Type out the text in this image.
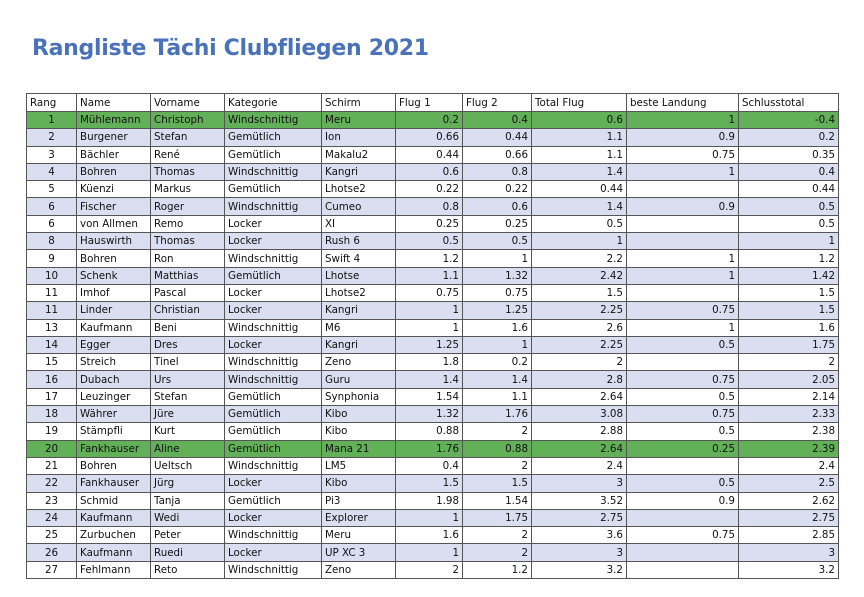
Rangliste Tächi Clubfliegen 2021
Rang	Name	Vorname	Kategorie	Schirm	Flug 1	Flug 2	Total Flug	beste Landung	Schlusstotal
1	Mühlemann	Christoph	Windschnittig	Meru	0.2	0.4	0.6	1	-0.4
2	Burgener	Stefan	Gemütlich	Ion	0.66	0.44	1.1	0.9	0.2
3	Bächler	René	Gemütlich	Makalu2	0.44	0.66	1.1	0.75	0.35
4	Bohren	Thomas	Windschnittig	Kangri	0.6	0.8	1.4	1	0.4
5	Küenzi	Markus	Gemütlich	Lhotse2	0.22	0.22	0.44		0.44
6	Fischer	Roger	Windschnittig	Cumeo	0.8	0.6	1.4	0.9	0.5
6	von Allmen	Remo	Locker	XI	0.25	0.25	0.5		0.5
8	Hauswirth	Thomas	Locker	Rush 6	0.5	0.5	1		1
9	Bohren	Ron	Windschnittig	Swift 4	1.2	1	2.2	1	1.2
10	Schenk	Matthias	Gemütlich	Lhotse	1.1	1.32	2.42	1	1.42
11	Imhof	Pascal	Locker	Lhotse2	0.75	0.75	1.5		1.5
11	Linder	Christian	Locker	Kangri	1	1.25	2.25	0.75	1.5
13	Kaufmann	Beni	Windschnittig	M6	1	1.6	2.6	1	1.6
14	Egger	Dres	Locker	Kangri	1.25	1	2.25	0.5	1.75
15	Streich	Tinel	Windschnittig	Zeno	1.8	0.2	2		2
16	Dubach	Urs	Windschnittig	Guru	1.4	1.4	2.8	0.75	2.05
17	Leuzinger	Stefan	Gemütlich	Synphonia	1.54	1.1	2.64	0.5	2.14
18	Währer	Jüre	Gemütlich	Kibo	1.32	1.76	3.08	0.75	2.33
19	Stämpfli	Kurt	Gemütlich	Kibo	0.88	2	2.88	0.5	2.38
20	Fankhauser	Aline	Gemütlich	Mana 21	1.76	0.88	2.64	0.25	2.39
21	Bohren	Ueltsch	Windschnittig	LM5	0.4	2	2.4		2.4
22	Fankhauser	Jürg	Locker	Kibo	1.5	1.5	3	0.5	2.5
23	Schmid	Tanja	Gemütlich	Pi3	1.98	1.54	3.52	0.9	2.62
24	Kaufmann	Wedi	Locker	Explorer	1	1.75	2.75		2.75
25	Zurbuchen	Peter	Windschnittig	Meru	1.6	2	3.6	0.75	2.85
26	Kaufmann	Ruedi	Locker	UP XC 3	1	2	3		3
27	Fehlmann	Reto	Windschnittig	Zeno	2	1.2	3.2		3.2
